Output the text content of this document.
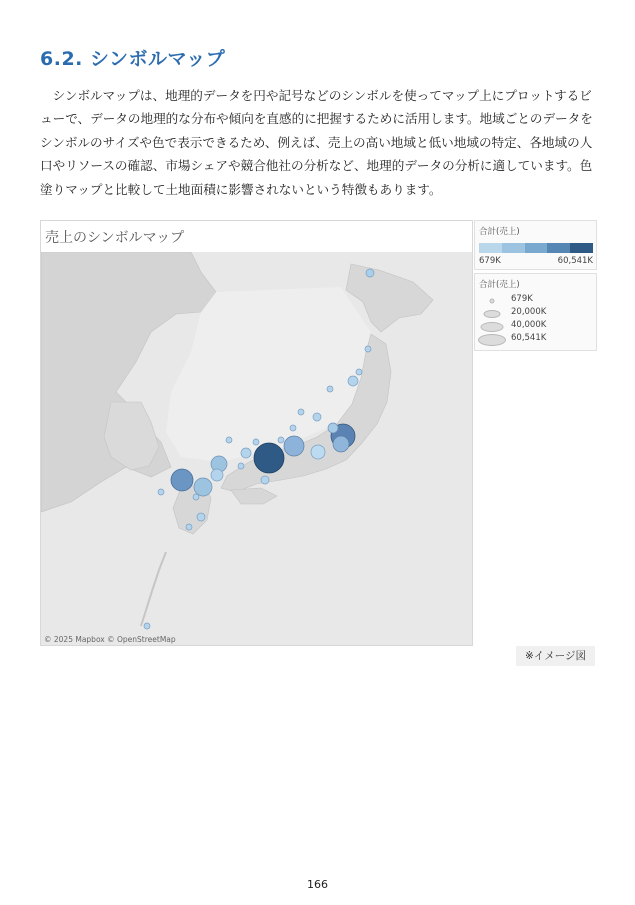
6.2. シンボルマップ

シンボルマップは、地理的データを円や記号などのシンボルを使ってマップ上にプロットするビューで、データの地理的な分布や傾向を直感的に把握するために活用します。地域ごとのデータをシンボルのサイズや色で表示できるため、例えば、売上の高い地域と低い地域の特定、各地域の人口やリソースの確認、市場シェアや競合他社の分析など、地理的データの分析に適しています。色塗りマップと比較して土地面積に影響されないという特徴もあります。

売上のシンボルマップ
© 2025 Mapbox © OpenStreetMap
合計(売上)
679K	60,541K
合計(売上)
679K
20,000K
40,000K
60,541K
※イメージ図
166
